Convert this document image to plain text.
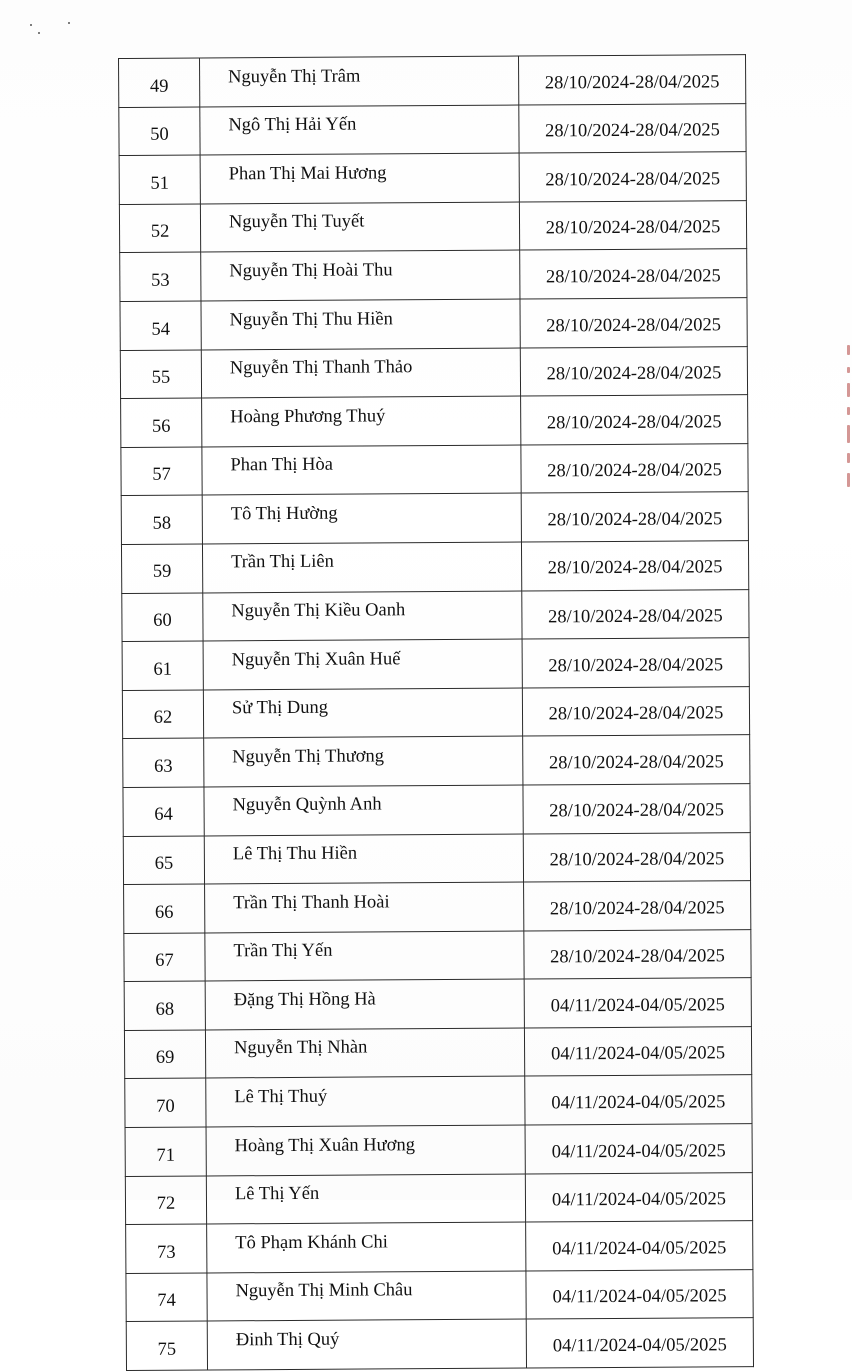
49	Nguyễn Thị Trâm	28/10/2024-28/04/2025
50	Ngô Thị Hải Yến	28/10/2024-28/04/2025
51	Phan Thị Mai Hương	28/10/2024-28/04/2025
52	Nguyễn Thị Tuyết	28/10/2024-28/04/2025
53	Nguyễn Thị Hoài Thu	28/10/2024-28/04/2025
54	Nguyễn Thị Thu Hiền	28/10/2024-28/04/2025
55	Nguyễn Thị Thanh Thảo	28/10/2024-28/04/2025
56	Hoàng Phương Thuý	28/10/2024-28/04/2025
57	Phan Thị Hòa	28/10/2024-28/04/2025
58	Tô Thị Hường	28/10/2024-28/04/2025
59	Trần Thị Liên	28/10/2024-28/04/2025
60	Nguyễn Thị Kiều Oanh	28/10/2024-28/04/2025
61	Nguyễn Thị Xuân Huế	28/10/2024-28/04/2025
62	Sử Thị Dung	28/10/2024-28/04/2025
63	Nguyễn Thị Thương	28/10/2024-28/04/2025
64	Nguyễn Quỳnh Anh	28/10/2024-28/04/2025
65	Lê Thị Thu Hiền	28/10/2024-28/04/2025
66	Trần Thị Thanh Hoài	28/10/2024-28/04/2025
67	Trần Thị Yến	28/10/2024-28/04/2025
68	Đặng Thị Hồng Hà	04/11/2024-04/05/2025
69	Nguyễn Thị Nhàn	04/11/2024-04/05/2025
70	Lê Thị Thuý	04/11/2024-04/05/2025
71	Hoàng Thị Xuân Hương	04/11/2024-04/05/2025
72	Lê Thị Yến	04/11/2024-04/05/2025
73	Tô Phạm Khánh Chi	04/11/2024-04/05/2025
74	Nguyễn Thị Minh Châu	04/11/2024-04/05/2025
75	Đinh Thị Quý	04/11/2024-04/05/2025
